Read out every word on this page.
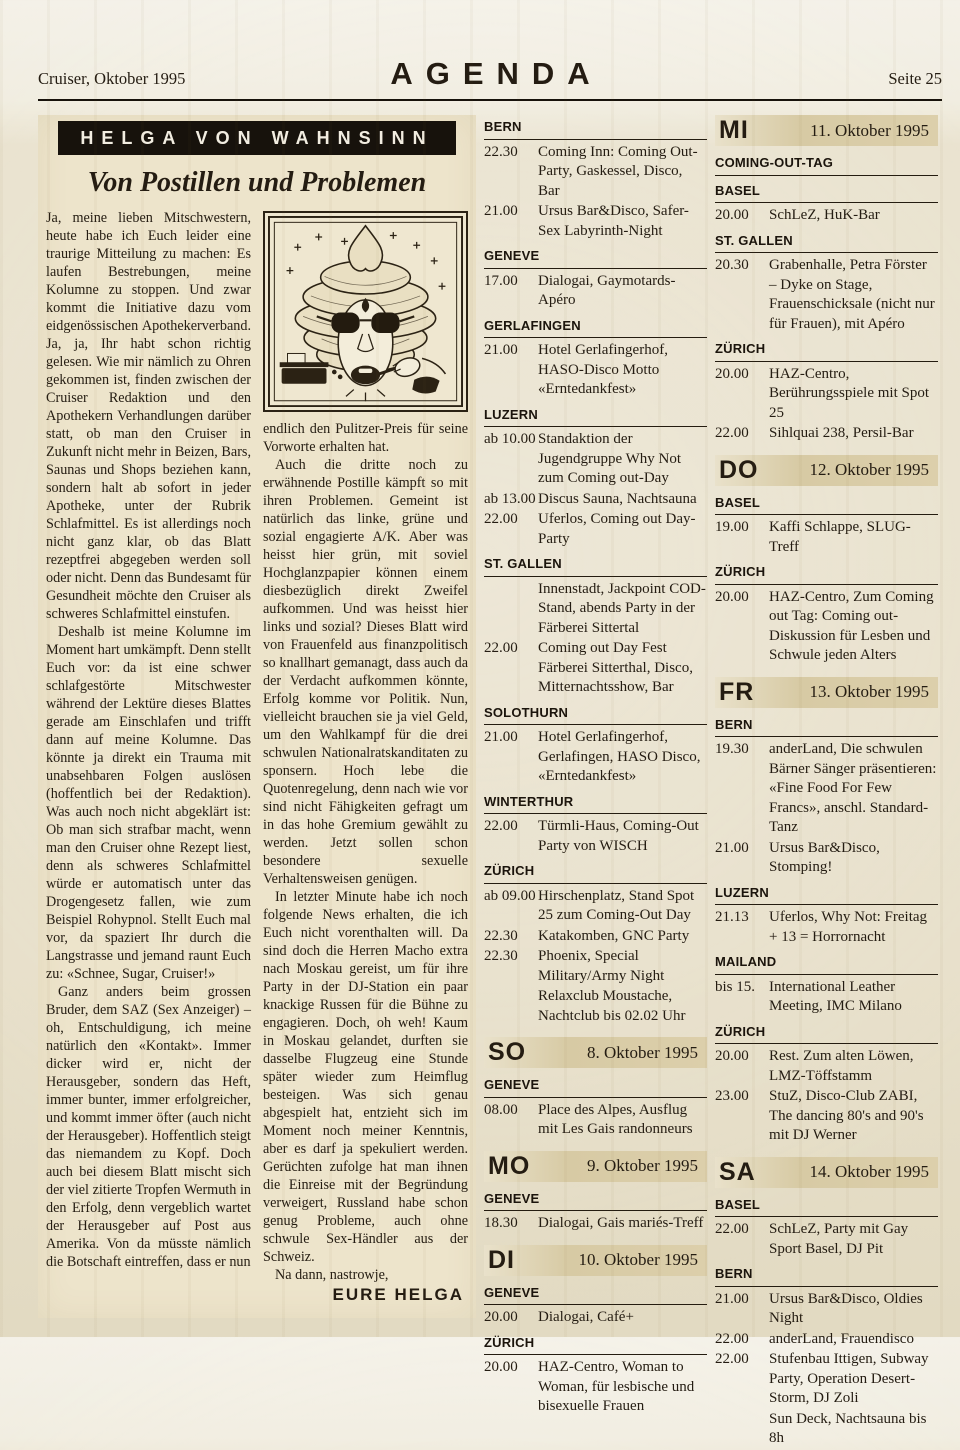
Cruiser, Oktober 1995	AGENDA	Seite 25
HELGA VON WAHNSINN
Von Postillen und Problemen

Ja, meine lieben Mitschwestern, heute habe ich Euch leider eine traurige Mitteilung zu machen: Es laufen Bestrebungen, meine Kolumne zu stoppen. Und zwar kommt die Initiative dazu vom eidgenössischen Apothekerverband. Ja, ja, Ihr habt schon richtig gelesen. Wie mir nämlich zu Ohren gekommen ist, finden zwischen der Cruiser Redaktion und den Apothekern Verhandlungen darüber statt, ob man den Cruiser in Zukunft nicht mehr in Beizen, Bars, Saunas und Shops beziehen kann, sondern halt ab sofort in jeder Apotheke, unter der Rubrik Schlafmittel. Es ist allerdings noch nicht ganz klar, ob das Blatt rezeptfrei abgegeben werden soll oder nicht. Denn das Bundesamt für Gesundheit möchte den Cruiser als schweres Schlafmittel einstufen.

Deshalb ist meine Kolumne im Moment hart umkämpft. Denn stellt Euch vor: da ist eine schwer schlafgestörte Mitschwester während der Lektüre dieses Blattes gerade am Einschlafen und trifft dann auf meine Kolumne. Das könnte ja direkt ein Trauma mit unabsehbaren Folgen auslösen (hoffentlich bei der Redaktion). Was auch noch nicht abgeklärt ist: Ob man sich strafbar macht, wenn man den Cruiser ohne Rezept liest, denn als schweres Schlafmittel würde er automatisch unter das Drogengesetz fallen, wie zum Beispiel Rohypnol. Stellt Euch mal vor, da spaziert Ihr durch die Langstrasse und jemand raunt Euch zu: «Schnee, Sugar, Cruiser!»

Ganz anders beim grossen Bruder, dem SAZ (Sex Anzeiger) – oh, Entschuldigung, ich meine natürlich den «Kontakt». Immer dicker wird er, nicht der Herausgeber, sondern das Heft, immer bunter, immer erfolgreicher, und kommt immer öfter (auch nicht der Herausgeber). Hoffentlich steigt das niemandem zu Kopf. Doch auch bei diesem Blatt mischt sich der viel zitierte Tropfen Wermuth in den Erfolg, denn vergeblich wartet der Herausgeber auf Post aus Amerika. Von da müsste nämlich die Botschaft eintreffen, dass er nun

endlich den Pulitzer-Preis für seine Vorworte erhalten hat.

Auch die dritte noch zu erwähnende Postille kämpft so mit ihren Problemen. Gemeint ist natürlich das linke, grüne und sozial engagierte A/K. Aber was heisst hier grün, mit soviel Hochglanzpapier können einem diesbezüglich direkt Zweifel aufkommen. Und was heisst hier links und sozial? Dieses Blatt wird von Frauenfeld aus finanzpolitisch so knallhart gemanagt, dass auch da der Verdacht aufkommen könnte, Erfolg komme vor Politik. Nun, vielleicht brauchen sie ja viel Geld, um den Wahlkampf für die drei schwulen Nationalratskanditaten zu sponsern. Hoch lebe die Quotenregelung, denn nach wie vor sind nicht Fähigkeiten gefragt um in das hohe Gremium gewählt zu werden. Jetzt sollen schon besondere sexuelle Verhaltensweisen genügen.

In letzter Minute habe ich noch folgende News erhalten, die ich Euch nicht vorenthalten will. Da sind doch die Herren Macho extra nach Moskau gereist, um für ihre Party in der DJ-Station ein paar knackige Russen für die Bühne zu engagieren. Doch, oh weh! Kaum in Moskau gelandet, durften sie dasselbe Flugzeug eine Stunde später wieder zum Heimflug besteigen. Was sich genau abgespielt hat, entzieht sich im Moment noch meiner Kenntnis, aber es darf ja spekuliert werden. Gerüchten zufolge hat man ihnen die Einreise mit der Begründung verweigert, Russland habe schon genug Probleme, auch ohne schwule Sex-Händler aus der Schweiz.

Na dann, nastrowje,

EURE HELGA
BERN

22.30 Coming Inn: Coming Out-Party, Gaskessel, Disco, Bar

21.00 Ursus Bar&Disco, Safer-Sex Labyrinth-Night

GENEVE

17.00 Dialogai, Gaymotards-Apéro

GERLAFINGEN

21.00 Hotel Gerlafingerhof, HASO-Disco Motto «Erntedankfest»

LUZERN

ab 10.00 Standaktion der Jugendgruppe Why Not zum Coming out-Day

ab 13.00 Discus Sauna, Nachtsauna

22.00 Uferlos, Coming out Day-Party

ST. GALLEN

Innenstadt, Jackpoint COD-Stand, abends Party in der Färberei Sittertal

22.00 Coming out Day Fest Färberei Sitterthal, Disco, Mitternachtsshow, Bar

SOLOTHURN

21.00 Hotel Gerlafingerhof, Gerlafingen, HASO Disco, «Erntedankfest»

WINTERTHUR

22.00 Türmli-Haus, Coming-Out Party von WISCH

ZÜRICH

ab 09.00 Hirschenplatz, Stand Spot 25 zum Coming-Out Day

22.30 Katakomben, GNC Party

22.30 Phoenix, Special Military/Army Night

Relaxclub Moustache, Nachtclub bis 02.02 Uhr

SO	8. Oktober 1995
GENEVE

08.00 Place des Alpes, Ausflug mit Les Gais randonneurs

MO	9. Oktober 1995
GENEVE

18.30 Dialogai, Gais mariés-Treff

DI	10. Oktober 1995
GENEVE

20.00 Dialogai, Café+

ZÜRICH

20.00 HAZ-Centro, Woman to Woman, für lesbische und bisexuelle Frauen

MI	11. Oktober 1995
COMING-OUT-TAG
BASEL

20.00 SchLeZ, HuK-Bar

ST. GALLEN

20.30 Grabenhalle, Petra Förster – Dyke on Stage, Frauenschicksale (nicht nur für Frauen), mit Apéro

ZÜRICH

20.00 HAZ-Centro, Berührungsspiele mit Spot 25

22.00 Sihlquai 238, Persil-Bar

DO	12. Oktober 1995
BASEL

19.00 Kaffi Schlappe, SLUG-Treff

ZÜRICH

20.00 HAZ-Centro, Zum Coming out Tag: Coming out-Diskussion für Lesben und Schwule jeden Alters

FR	13. Oktober 1995
BERN

19.30 anderLand, Die schwulen Bärner Sänger präsentieren: «Fine Food For Few Francs», anschl. Standard-Tanz

21.00 Ursus Bar&Disco, Stomping!

LUZERN

21.13 Uferlos, Why Not: Freitag + 13 = Horrornacht

MAILAND

bis 15. International Leather Meeting, IMC Milano

ZÜRICH

20.00 Rest. Zum alten Löwen, LMZ-Töffstamm

23.00 StuZ, Disco-Club ZABI, The dancing 80's and 90's mit DJ Werner

SA	14. Oktober 1995
BASEL

22.00 SchLeZ, Party mit Gay Sport Basel, DJ Pit

BERN

21.00 Ursus Bar&Disco, Oldies Night

22.00 anderLand, Frauendisco

22.00 Stufenbau Ittigen, Subway Party, Operation Desert-Storm, DJ Zoli

Sun Deck, Nachtsauna bis 8h
